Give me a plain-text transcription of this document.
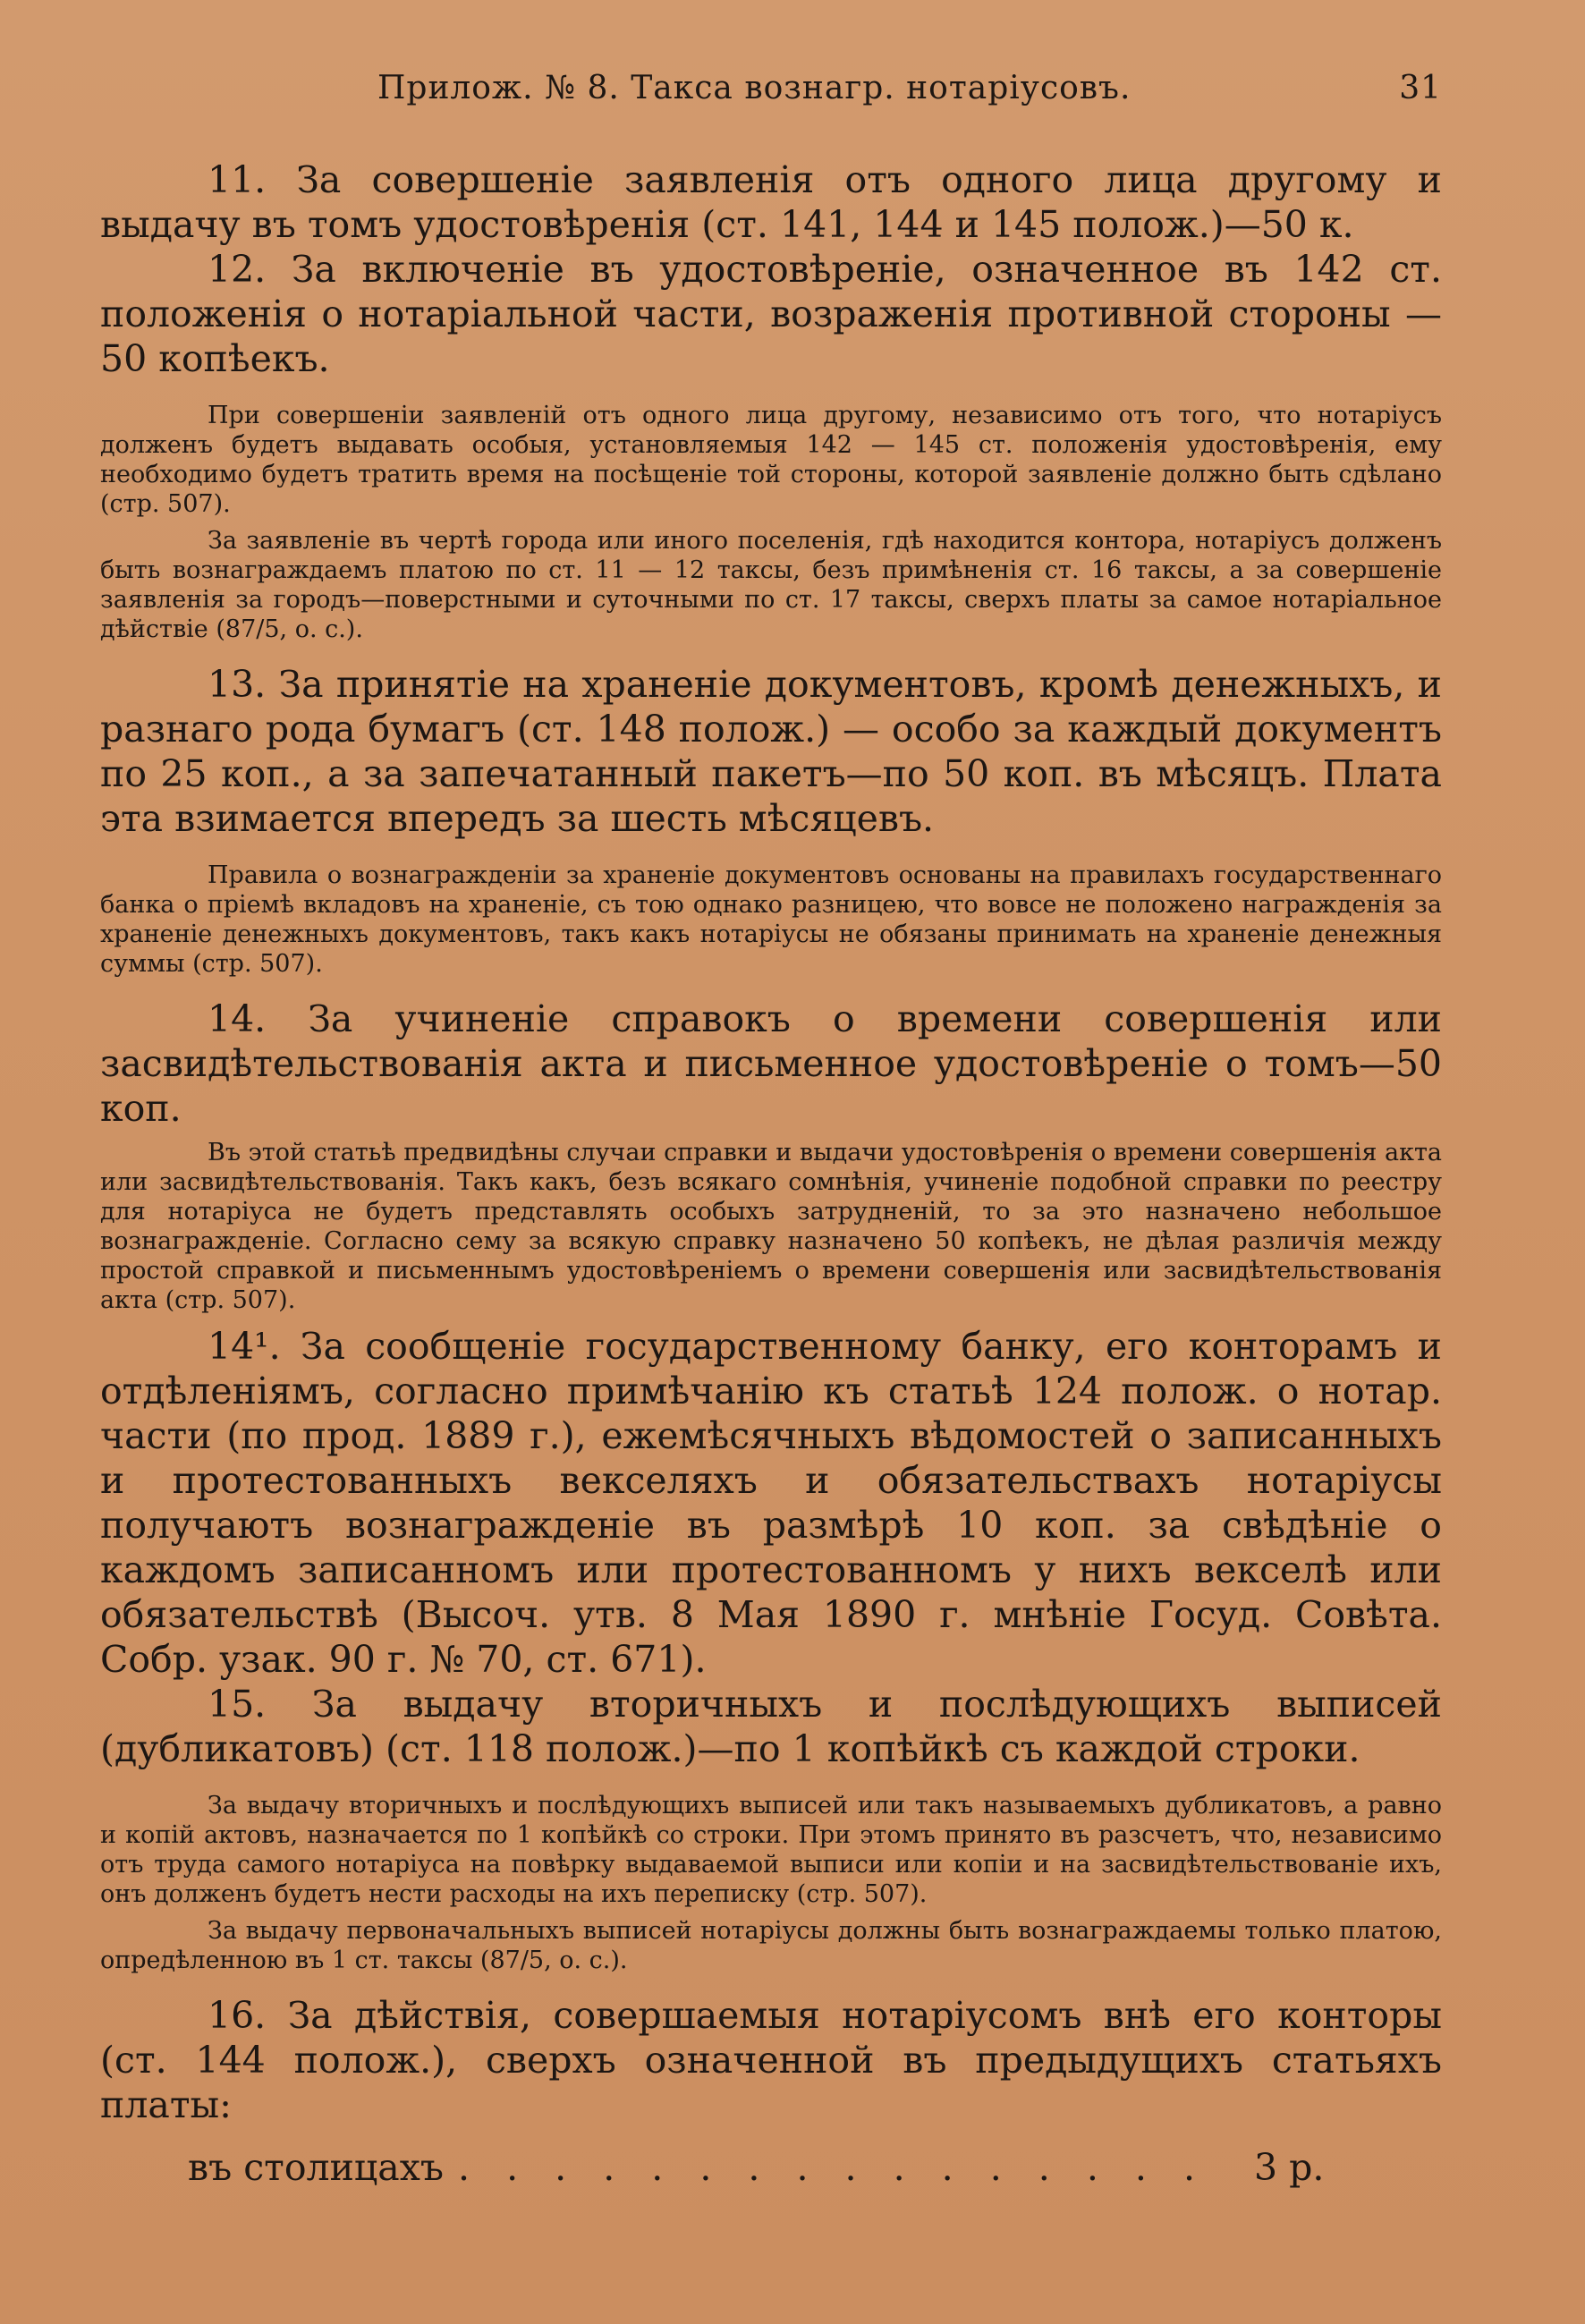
Прилож. № 8. Такса вознагр. нотаріусовъ.	31

11. За совершеніе заявленія отъ одного лица другому и выдачу въ томъ удостовѣренія (ст. 141, 144 и 145 полож.)—50 к.

12. За включеніе въ удостовѣреніе, означенное въ 142 ст. положенія о нотаріальной части, возраженія противной стороны — 50 копѣекъ.

При совершеніи заявленій отъ одного лица другому, независимо отъ того, что нотаріусъ долженъ будетъ выдавать особыя, установляемыя 142 — 145 ст. положенія удостовѣренія, ему необходимо будетъ тратить время на посѣщеніе той стороны, которой заявленіе должно быть сдѣлано (стр. 507).

За заявленіе въ чертѣ города или иного поселенія, гдѣ находится контора, нотаріусъ долженъ быть вознаграждаемъ платою по ст. 11 — 12 таксы, безъ примѣненія ст. 16 таксы, а за совершеніе заявленія за городъ—поверстными и суточными по ст. 17 таксы, сверхъ платы за самое нотаріальное дѣйствіе (87/5, о. с.).

13. За принятіе на храненіе документовъ, кромѣ денежныхъ, и разнаго рода бумагъ (ст. 148 полож.) — особо за каждый документъ по 25 коп., а за запечатанный пакетъ—по 50 коп. въ мѣсяцъ. Плата эта взимается впередъ за шесть мѣсяцевъ.

Правила о вознагражденіи за храненіе документовъ основаны на правилахъ государственнаго банка о пріемѣ вкладовъ на храненіе, съ тою однако разницею, что вовсе не положено награжденія за храненіе денежныхъ документовъ, такъ какъ нотаріусы не обязаны принимать на храненіе денежныя суммы (стр. 507).

14. За учиненіе справокъ о времени совершенія или засвидѣтельствованія акта и письменное удостовѣреніе о томъ—50 коп.

Въ этой статьѣ предвидѣны случаи справки и выдачи удостовѣренія о времени совершенія акта или засвидѣтельствованія. Такъ какъ, безъ всякаго сомнѣнія, учиненіе подобной справки по реестру для нотаріуса не будетъ представлять особыхъ затрудненій, то за это назначено небольшое вознагражденіе. Согласно сему за всякую справку назначено 50 копѣекъ, не дѣлая различія между простой справкой и письменнымъ удостовѣреніемъ о времени совершенія или засвидѣтельствованія акта (стр. 507).

14¹. За сообщеніе государственному банку, его конторамъ и отдѣленіямъ, согласно примѣчанію къ статьѣ 124 полож. о нотар. части (по прод. 1889 г.), ежемѣсячныхъ вѣдомостей о записанныхъ и протестованныхъ векселяхъ и обязательствахъ нотаріусы получаютъ вознагражденіе въ размѣрѣ 10 коп. за свѣдѣніе о каждомъ записанномъ или протестованномъ у нихъ векселѣ или обязательствѣ (Высоч. утв. 8 Мая 1890 г. мнѣніе Госуд. Совѣта. Собр. узак. 90 г. № 70, ст. 671).

15. За выдачу вторичныхъ и послѣдующихъ выписей (дубликатовъ) (ст. 118 полож.)—по 1 копѣйкѣ съ каждой строки.

За выдачу вторичныхъ и послѣдующихъ выписей или такъ называемыхъ дубликатовъ, а равно и копій актовъ, назначается по 1 копѣйкѣ со строки. При этомъ принято въ разсчетъ, что, независимо отъ труда самого нотаріуса на повѣрку выдаваемой выписи или копіи и на засвидѣтельствованіе ихъ, онъ долженъ будетъ нести расходы на ихъ переписку (стр. 507).

За выдачу первоначальныхъ выписей нотаріусы должны быть вознаграждаемы только платою, опредѣленною въ 1 ст. таксы (87/5, о. с.).

16. За дѣйствія, совершаемыя нотаріусомъ внѣ его конторы (ст. 144 полож.), сверхъ означенной въ предыдущихъ статьяхъ платы:

въ столицахъ . . . . . . . . . . . . . . . .	3 р.
